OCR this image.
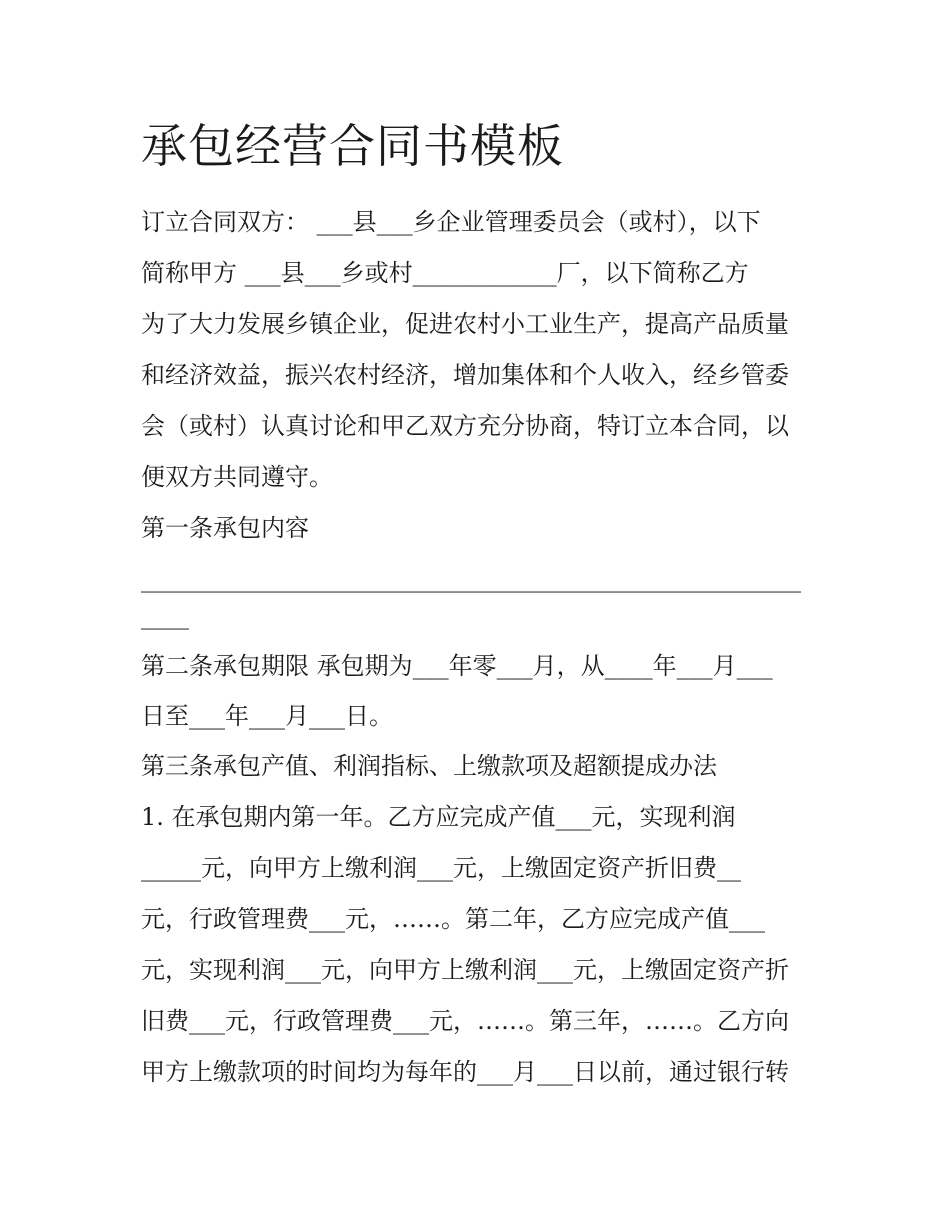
承包经营合同书模板

订立合同双方： ___县___乡企业管理委员会（或村），以下

简称甲方 ___县___乡或村____________厂，以下简称乙方

为了大力发展乡镇企业，促进农村小工业生产，提高产品质量

和经济效益，振兴农村经济，增加集体和个人收入，经乡管委

会（或村）认真讨论和甲乙双方充分协商，特订立本合同，以

便双方共同遵守。

第一条承包内容

_______________________________________________________

____

第二条承包期限 承包期为___年零___月，从____年___月___

日至___年___月___日。

第三条承包产值、利润指标、上缴款项及超额提成办法

1. 在承包期内第一年。乙方应完成产值___元，实现利润

_____元，向甲方上缴利润___元，上缴固定资产折旧费__

元，行政管理费___元，……。第二年，乙方应完成产值___

元，实现利润___元，向甲方上缴利润___元，上缴固定资产折

旧费___元，行政管理费___元，……。第三年，……。乙方向

甲方上缴款项的时间均为每年的___月___日以前，通过银行转
